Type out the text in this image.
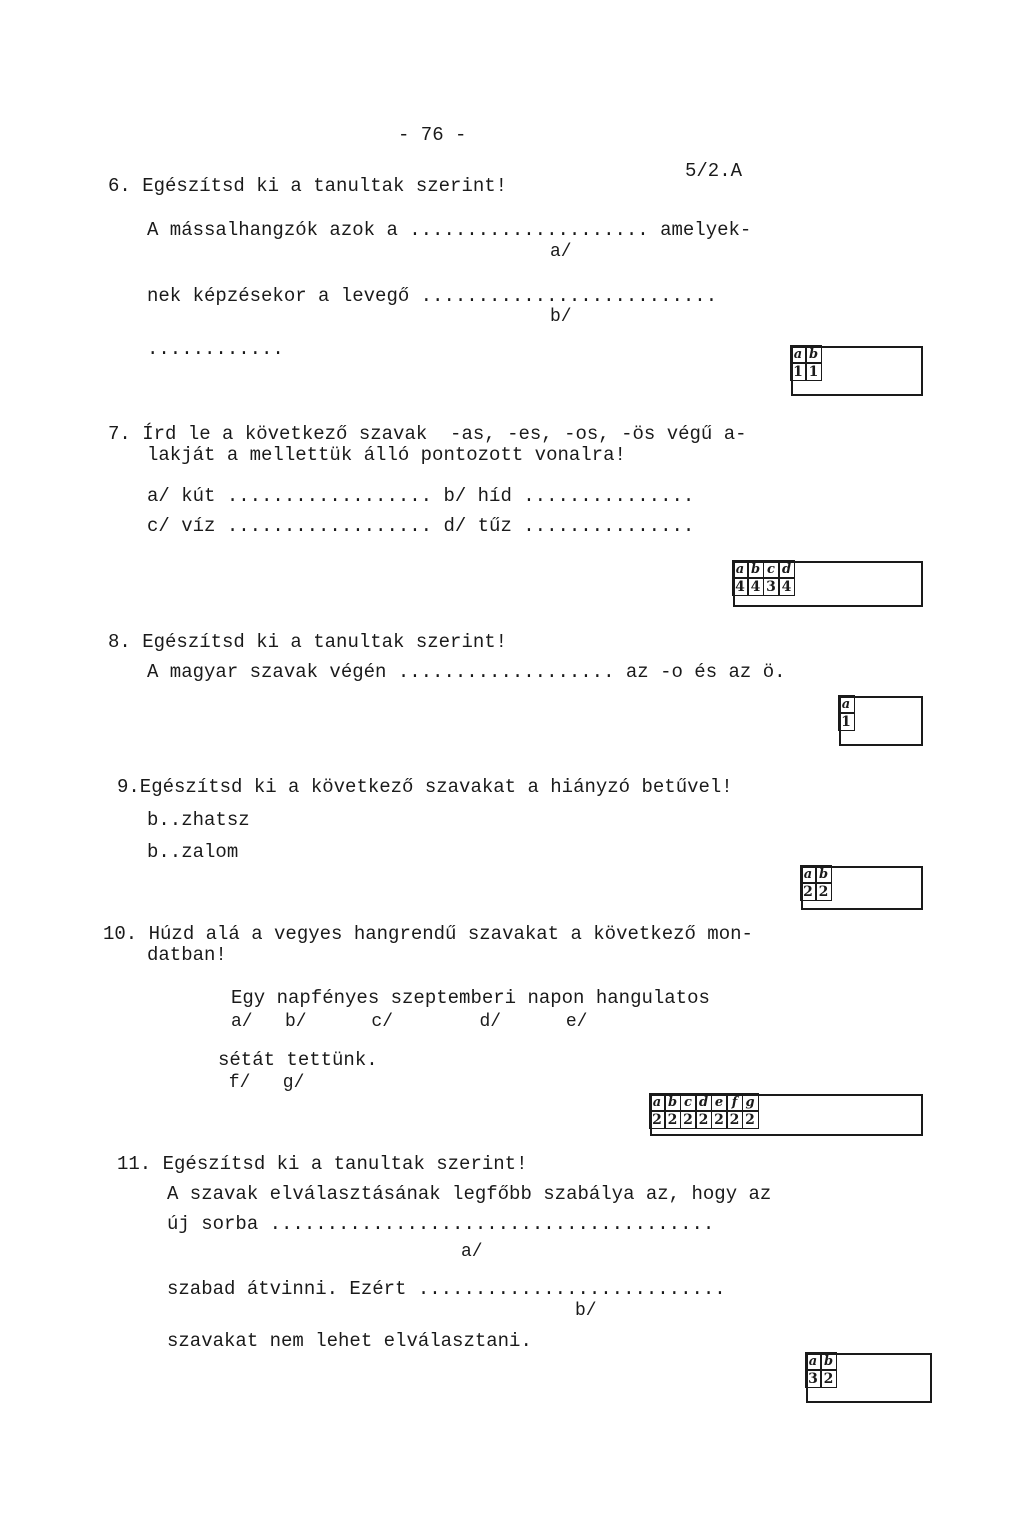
- 76 -
5/2.A
6. Egészítsd ki a tanultak szerint!
A mássalhangzók azok a ..................... amelyek-
a/
nek képzésekor a levegő ..........................
b/
............	a
1
b
1
7. Írd le a következő szavak  -as, -es, -os, -ös végű a-
lakját a mellettük álló pontozott vonalra!
a/ kút .................. b/ híd ...............
c/ víz .................. d/ tűz ...............
a
4
b
4
c
3
d
4
8. Egészítsd ki a tanultak szerint!
A magyar szavak végén ................... az -o és az ö.
a
1
9.Egészítsd ki a következő szavakat a hiányzó betűvel!
b..zhatsz
b..zalom
a
2
b
2
10. Húzd alá a vegyes hangrendű szavakat a következő mon-
datban!
Egy napfényes szeptemberi napon hangulatos
a/   b/      c/        d/      e/
sétát tettünk.
f/   g/
a
2
b
2
c
2
d
2
e
2
f
2
g
2
11. Egészítsd ki a tanultak szerint!
A szavak elválasztásának legfőbb szabálya az, hogy az
új sorba .......................................
a/
szabad átvinni. Ezért ...........................
b/
szavakat nem lehet elválasztani.
a
3
b
2
